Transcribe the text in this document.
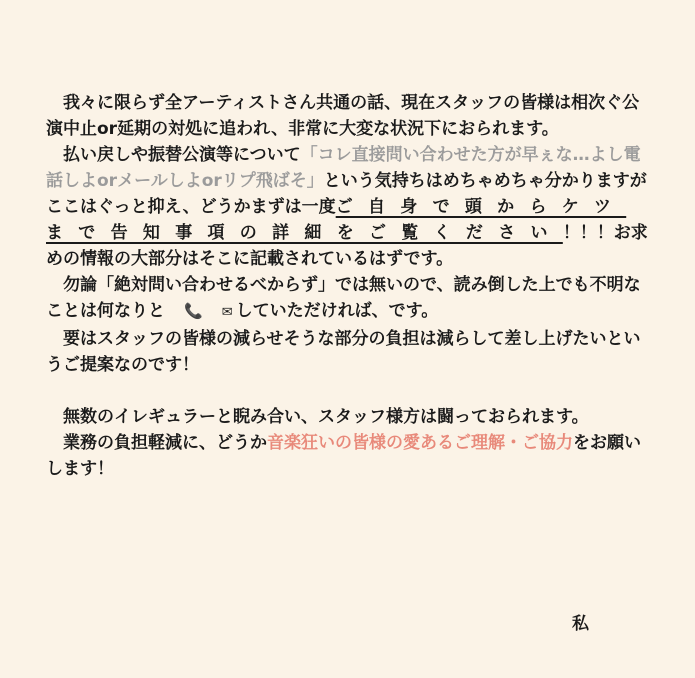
我々に限らず全アーティストさん共通の話、現在スタッフの皆様は相次ぐ公演中止or延期の対処に追われ、非常に大変な状況下におられます。

払い戻しや振替公演等について「コレ直接問い合わせた方が早ぇな…よし電話しよorメールしよorリプ飛ばそ」という気持ちはめちゃめちゃ分かりますがここはぐっと抑え、どうかまずは一度ご自身で頭からケツまで告知事項の詳細をご覧ください！！！お求めの情報の大部分はそこに記載されているはずです。

勿論「絶対問い合わせるべからず」では無いので、読み倒した上でも不明なことは何なりと 📞 ✉ していただければ、です。

要はスタッフの皆様の減らせそうな部分の負担は減らして差し上げたいというご提案なのです！

無数のイレギュラーと睨み合い、スタッフ様方は闘っておられます。

業務の負担軽減に、どうか音楽狂いの皆様の愛あるご理解・ご協力をお願いします！

私
